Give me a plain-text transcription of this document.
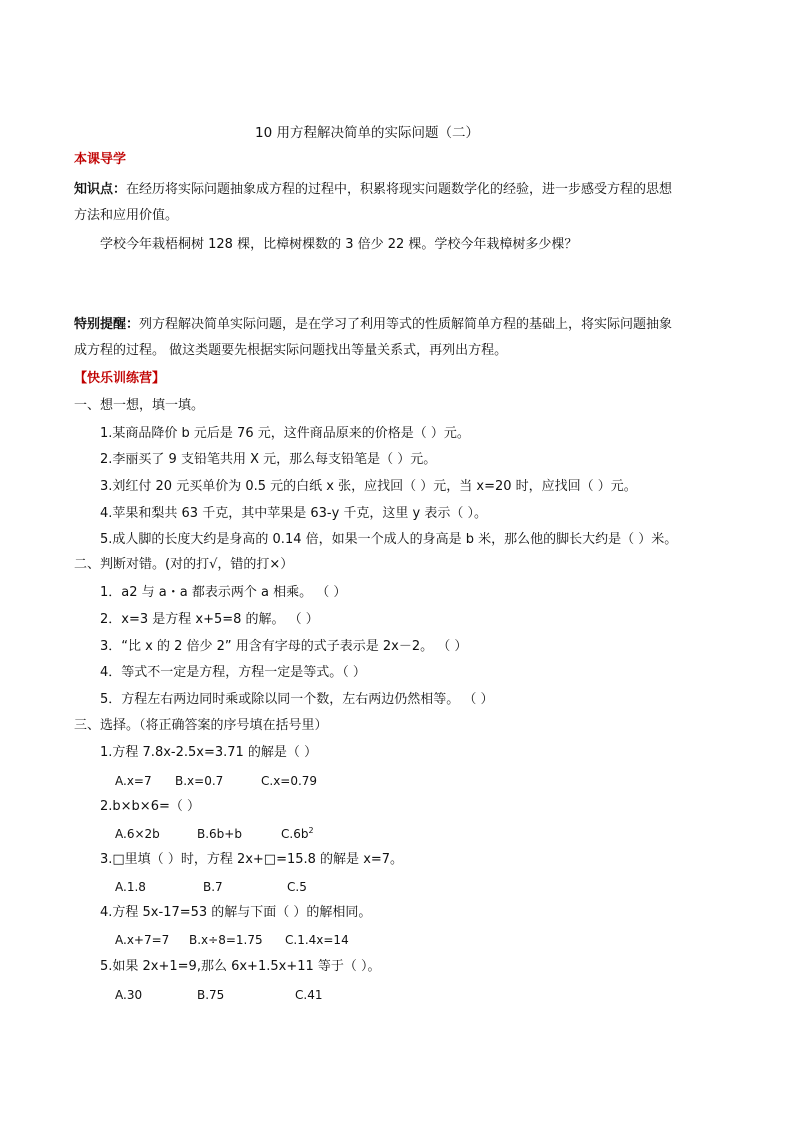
10 用方程解决简单的实际问题（二）
本课导学
知识点：在经历将实际问题抽象成方程的过程中，积累将现实问题数学化的经验，进一步感受方程的思想
方法和应用价值。
学校今年栽梧桐树 128 棵，比樟树棵数的 3 倍少 22 棵。学校今年栽樟树多少棵？
特别提醒：列方程解决简单实际问题，是在学习了利用等式的性质解简单方程的基础上，将实际问题抽象
成方程的过程。 做这类题要先根据实际问题找出等量关系式，再列出方程。
【快乐训练营】
一、想一想，填一填。
1.某商品降价 b 元后是 76 元，这件商品原来的价格是（ ）元。
2.李丽买了 9 支铅笔共用 X 元，那么每支铅笔是（ ）元。
3.刘红付 20 元买单价为 0.5 元的白纸 x 张，应找回（ ）元，当 x=20 时，应找回（ ）元。
4.苹果和梨共 63 千克，其中苹果是 63-y 千克，这里 y 表示（ ）。
5.成人脚的长度大约是身高的 0.14 倍，如果一个成人的身高是 b 米，那么他的脚长大约是（ ）米。
二、判断对错。(对的打√，错的打×）
1．a2 与 a・a 都表示两个 a 相乘。 （ ）
2．x=3 是方程 x+5=8 的解。 （ ）
3．“比 x 的 2 倍少 2” 用含有字母的式子表示是 2x－2。 （ ）
4．等式不一定是方程，方程一定是等式。（ ）
5．方程左右两边同时乘或除以同一个数，左右两边仍然相等。 （ ）
三、选择。（将正确答案的序号填在括号里）
1.方程 7.8x-2.5x=3.71 的解是（ ）
A.x=7 B.x=0.7	C.x=0.79
2.b×b×6=（ ）
A.6×2b	B.6b+b	$C.6b^2$
3.□里填（ ）时，方程 2x+□=15.8 的解是 x=7。
A.1.8	B.7	C.5
4.方程 5x-17=53 的解与下面（ ）的解相同。
A.x+7=7 B.x÷8=1.75 C.1.4x=14
5.如果 2x+1=9,那么 6x+1.5x+11 等于（ ）。
A.30	B.75	C.41
